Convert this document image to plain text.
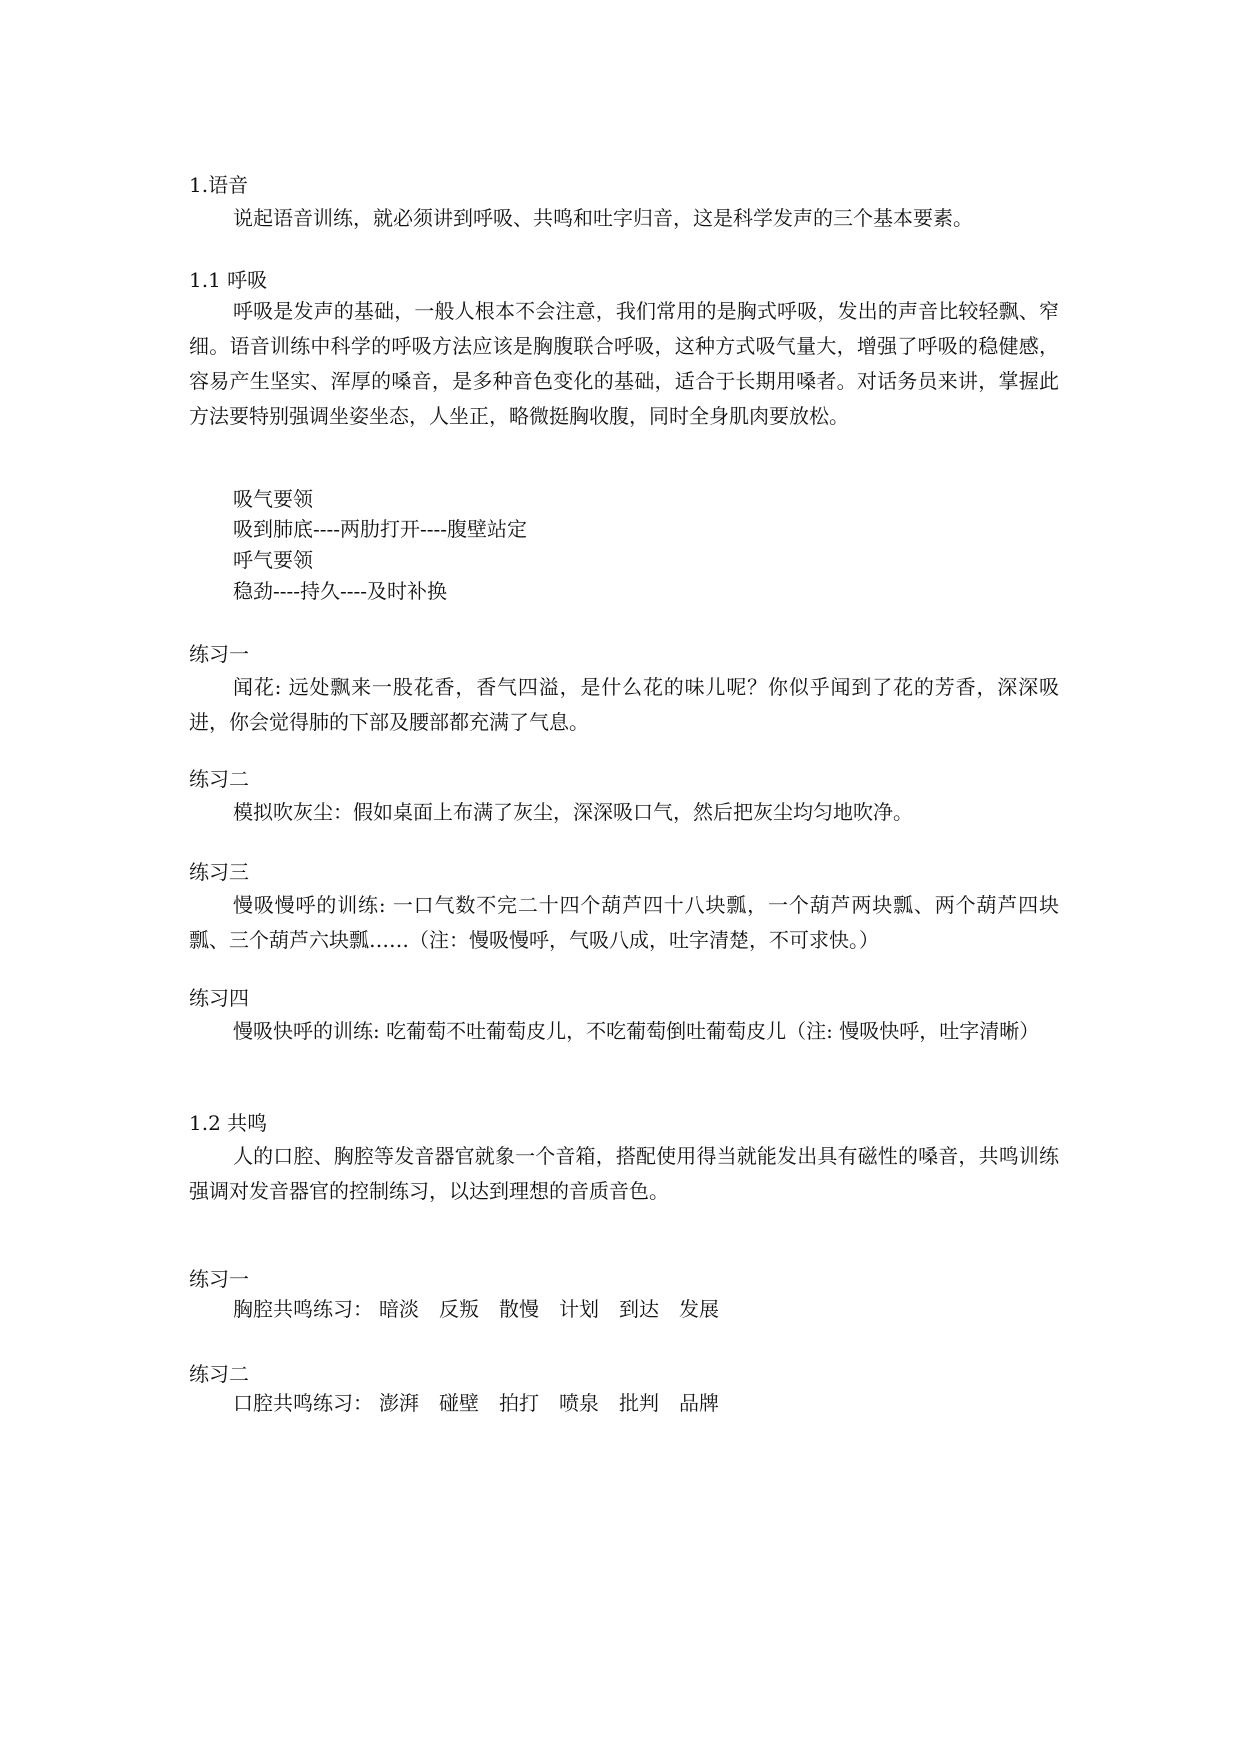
1.语音
说起语音训练，就必须讲到呼吸、共鸣和吐字归音，这是科学发声的三个基本要素。
1.1 呼吸
呼吸是发声的基础，一般人根本不会注意，我们常用的是胸式呼吸，发出的声音比较轻飘、窄细。语音训练中科学的呼吸方法应该是胸腹联合呼吸，这种方式吸气量大，增强了呼吸的稳健感，容易产生坚实、浑厚的嗓音，是多种音色变化的基础，适合于长期用嗓者。对话务员来讲，掌握此方法要特别强调坐姿坐态，人坐正，略微挺胸收腹，同时全身肌肉要放松。
吸气要领
吸到肺底----两肋打开----腹壁站定
呼气要领
稳劲----持久----及时补换
练习一
闻花: 远处飘来一股花香，香气四溢，是什么花的味儿呢？你似乎闻到了花的芳香，深深吸进，你会觉得肺的下部及腰部都充满了气息。
练习二
模拟吹灰尘：假如桌面上布满了灰尘，深深吸口气，然后把灰尘均匀地吹净。
练习三
慢吸慢呼的训练: 一口气数不完二十四个葫芦四十八块瓢，一个葫芦两块瓢、两个葫芦四块瓢、三个葫芦六块瓢……（注：慢吸慢呼，气吸八成，吐字清楚，不可求快。）
练习四
慢吸快呼的训练: 吃葡萄不吐葡萄皮儿，不吃葡萄倒吐葡萄皮儿（注: 慢吸快呼，吐字清晰）
1.2 共鸣
人的口腔、胸腔等发音器官就象一个音箱，搭配使用得当就能发出具有磁性的嗓音，共鸣训练强调对发音器官的控制练习，以达到理想的音质音色。
练习一
胸腔共鸣练习： 暗淡 反叛 散慢 计划 到达 发展
练习二
口腔共鸣练习： 澎湃 碰壁 拍打 喷泉 批判 品牌
